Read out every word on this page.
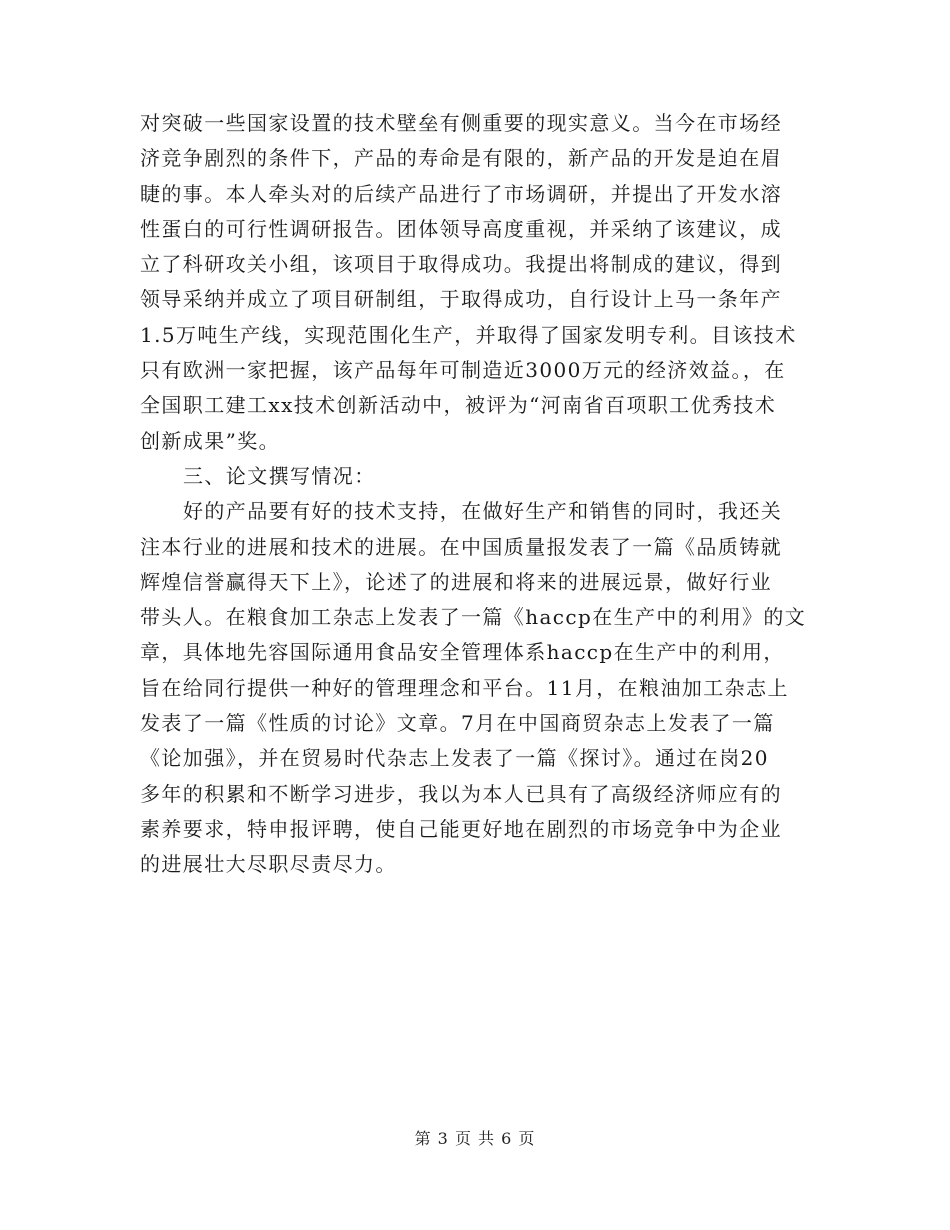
对突破一些国家设置的技术壁垒有侧重要的现实意义。当今在市场经
济竞争剧烈的条件下，产品的寿命是有限的，新产品的开发是迫在眉
睫的事。本人牵头对的后续产品进行了市场调研，并提出了开发水溶
性蛋白的可行性调研报告。团体领导高度重视，并采纳了该建议，成
立了科研攻关小组，该项目于取得成功。我提出将制成的建议，得到
领导采纳并成立了项目研制组，于取得成功，自行设计上马一条年产
1.5万吨生产线，实现范围化生产，并取得了国家发明专利。目该技术
只有欧洲一家把握，该产品每年可制造近3000万元的经济效益。，在
全国职工建工xx技术创新活动中，被评为“河南省百项职工优秀技术
创新成果”奖。
三、论文撰写情况：
好的产品要有好的技术支持，在做好生产和销售的同时，我还关
注本行业的进展和技术的进展。在中国质量报发表了一篇《品质铸就
辉煌信誉赢得天下上》，论述了的进展和将来的进展远景，做好行业
带头人。在粮食加工杂志上发表了一篇《haccp在生产中的利用》的文
章，具体地先容国际通用食品安全管理体系haccp在生产中的利用，
旨在给同行提供一种好的管理理念和平台。11月，在粮油加工杂志上
发表了一篇《性质的讨论》文章。7月在中国商贸杂志上发表了一篇
《论加强》，并在贸易时代杂志上发表了一篇《探讨》。通过在岗20
多年的积累和不断学习进步，我以为本人已具有了高级经济师应有的
素养要求，特申报评聘，使自己能更好地在剧烈的市场竞争中为企业
的进展壮大尽职尽责尽力。
第 3 页 共 6 页
